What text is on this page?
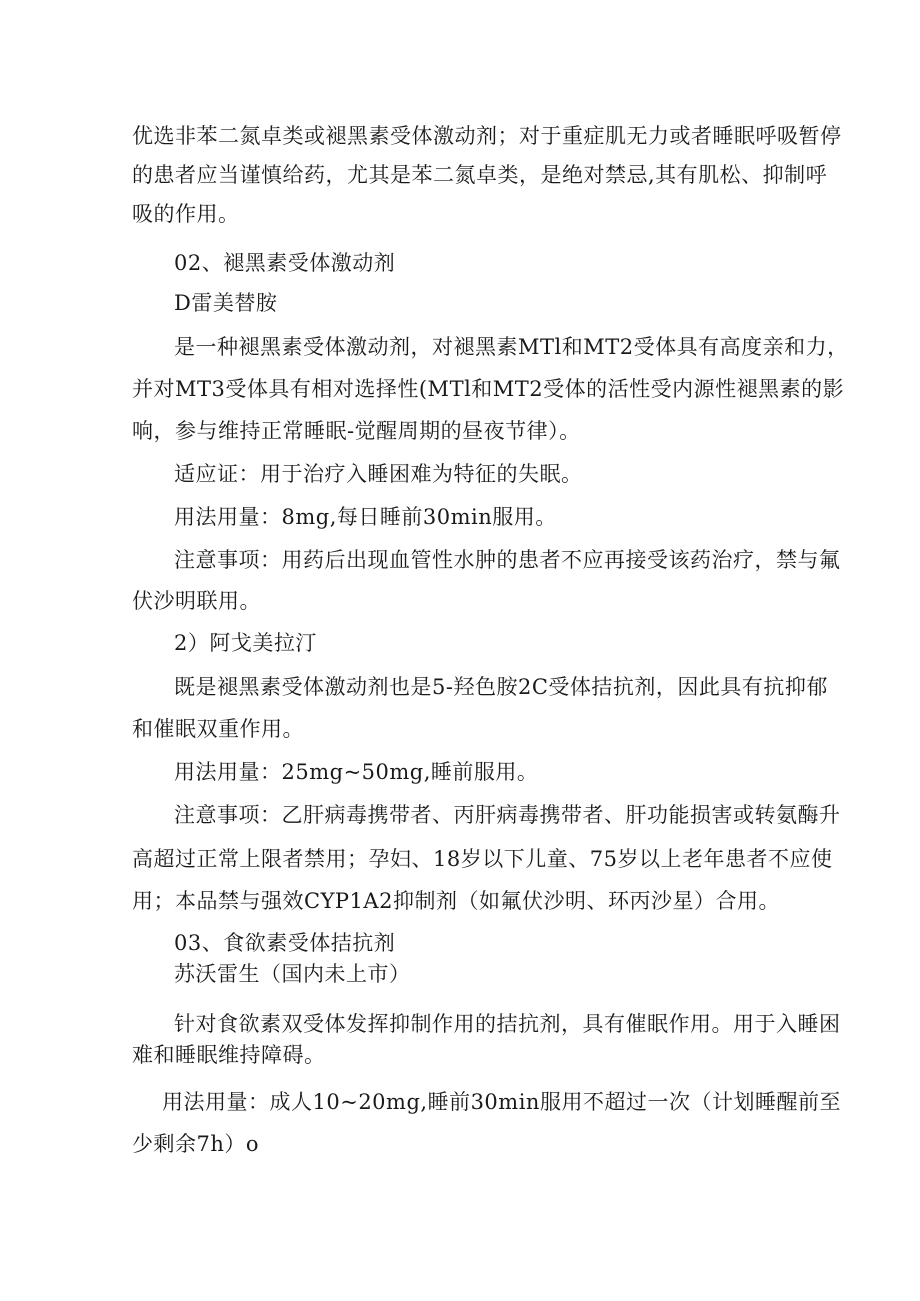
优选非苯二氮卓类或褪黑素受体激动剂；对于重症肌无力或者睡眠呼吸暂停
的患者应当谨慎给药，尤其是苯二氮卓类，是绝对禁忌,其有肌松、抑制呼
吸的作用。
02、褪黑素受体激动剂
D雷美替胺
是一种褪黑素受体激动剂，对褪黑素MTl和MT2受体具有高度亲和力，
并对MT3受体具有相对选择性(MTl和MT2受体的活性受内源性褪黑素的影
响，参与维持正常睡眠-觉醒周期的昼夜节律）。
适应证：用于治疗入睡困难为特征的失眠。
用法用量：8mg,每日睡前30min服用。
注意事项：用药后出现血管性水肿的患者不应再接受该药治疗，禁与氟
伏沙明联用。
2）阿戈美拉汀
既是褪黑素受体激动剂也是5-羟色胺2C受体拮抗剂，因此具有抗抑郁
和催眠双重作用。
用法用量：25mg~50mg,睡前服用。
注意事项：乙肝病毒携带者、丙肝病毒携带者、肝功能损害或转氨酶升
高超过正常上限者禁用；孕妇、18岁以下儿童、75岁以上老年患者不应使
用；本品禁与强效CYP1A2抑制剂（如氟伏沙明、环丙沙星）合用。
03、食欲素受体拮抗剂
苏沃雷生（国内未上市）
针对食欲素双受体发挥抑制作用的拮抗剂，具有催眠作用。用于入睡困
难和睡眠维持障碍。
用法用量：成人10~20mg,睡前30min服用不超过一次（计划睡醒前至
少剩余7h）o
